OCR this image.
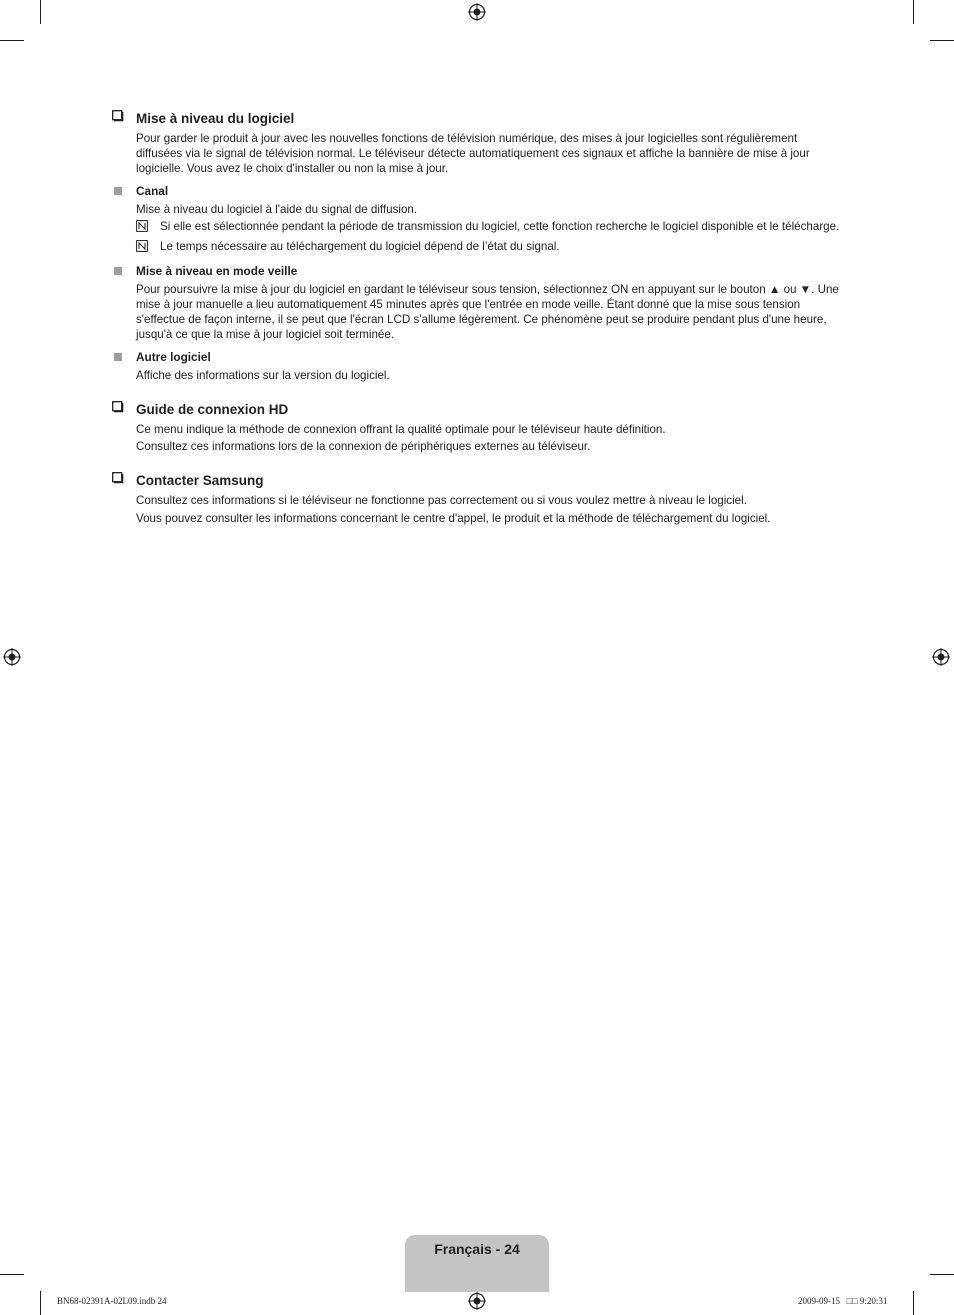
Mise à niveau du logiciel
Pour garder le produit à jour avec les nouvelles fonctions de télévision numérique, des mises à jour logicielles sont régulièrement diffusées via le signal de télévision normal. Le téléviseur détecte automatiquement ces signaux et affiche la bannière de mise à jour logicielle. Vous avez le choix d'installer ou non la mise à jour.
Canal
Mise à niveau du logiciel à l'aide du signal de diffusion.
Si elle est sélectionnée pendant la période de transmission du logiciel, cette fonction recherche le logiciel disponible et le télécharge.
Le temps nécessaire au téléchargement du logiciel dépend de l’état du signal.
Mise à niveau en mode veille
Pour poursuivre la mise à jour du logiciel en gardant le téléviseur sous tension, sélectionnez ON en appuyant sur le bouton ▲ ou ▼. Une mise à jour manuelle a lieu automatiquement 45 minutes après que l'entrée en mode veille. Étant donné que la mise sous tension s'effectue de façon interne, il se peut que l'écran LCD s'allume légèrement. Ce phénomène peut se produire pendant plus d'une heure, jusqu'à ce que la mise à jour logiciel soit terminée.
Autre logiciel
Affiche des informations sur la version du logiciel.
Guide de connexion HD
Ce menu indique la méthode de connexion offrant la qualité optimale pour le téléviseur haute définition.
Consultez ces informations lors de la connexion de périphériques externes au téléviseur.
Contacter Samsung
Consultez ces informations si le téléviseur ne fonctionne pas correctement ou si vous voulez mettre à niveau le logiciel.
Vous pouvez consulter les informations concernant le centre d'appel, le produit et la méthode de téléchargement du logiciel.
Français - 24
BN68-02391A-02L09.indb 24	2009-09-15   □□ 9:20:31
